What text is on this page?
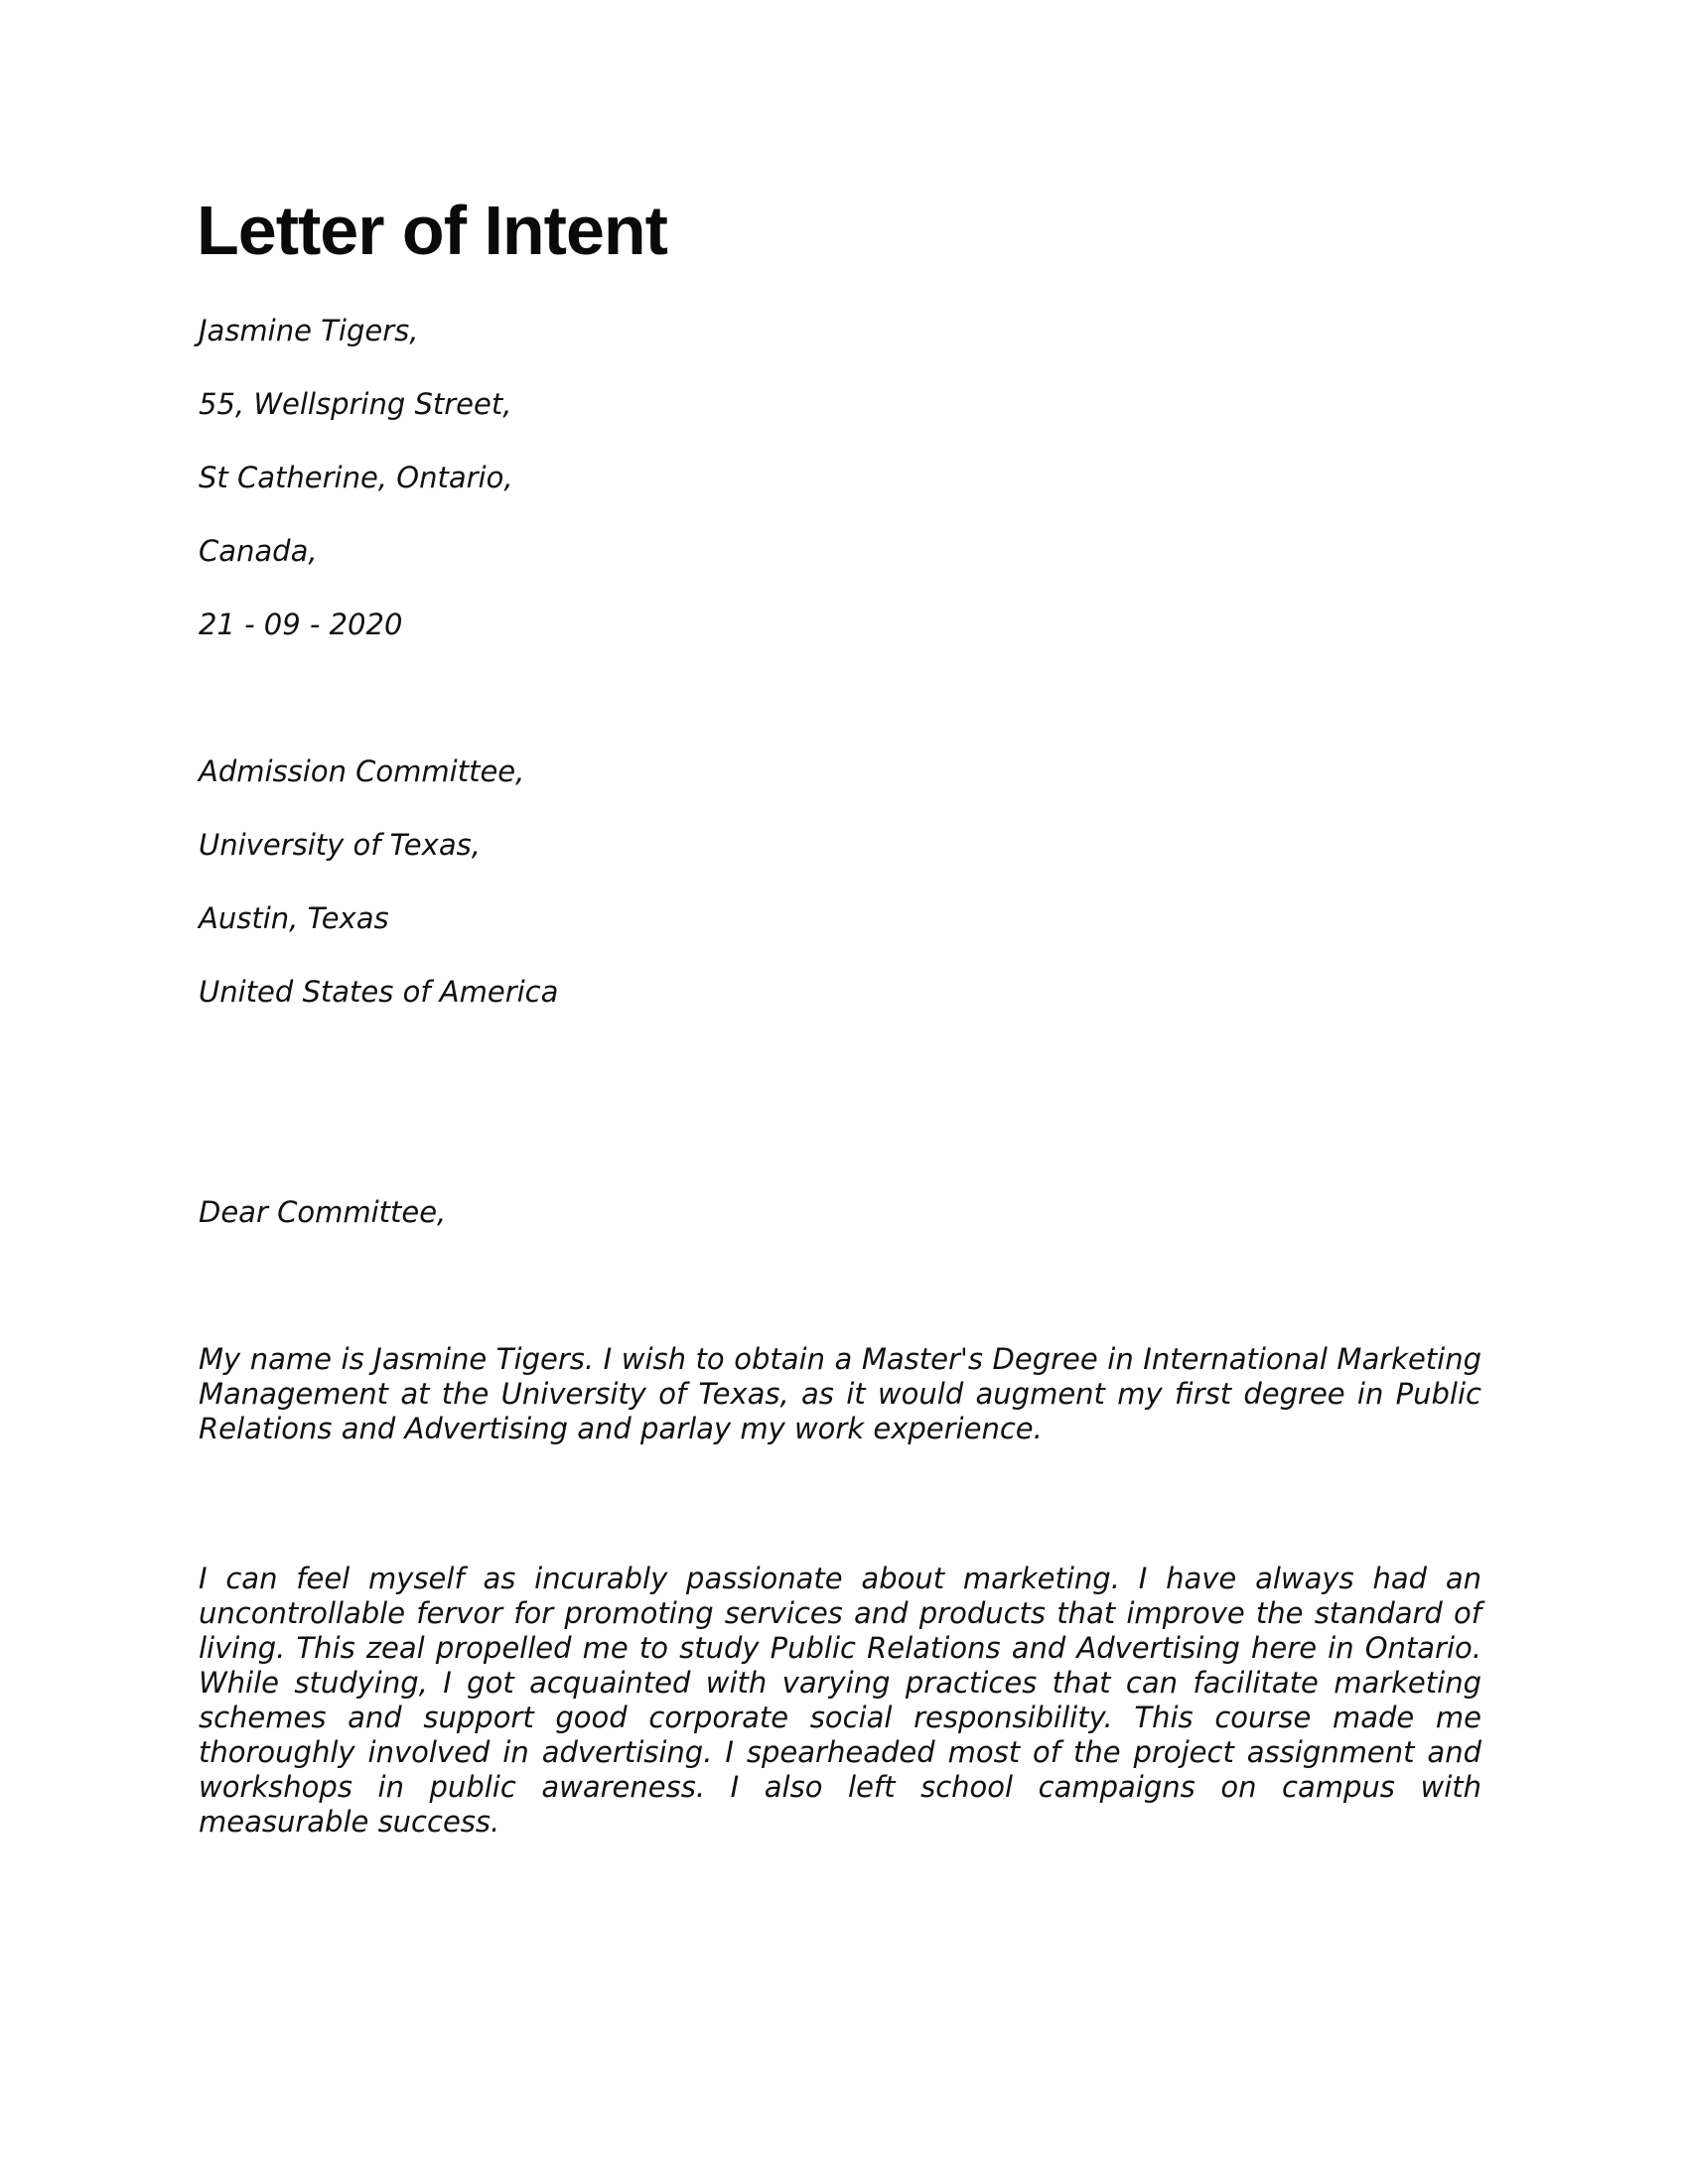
Letter of Intent

Jasmine Tigers,

55, Wellspring Street,

St Catherine, Ontario,

Canada,

21 - 09 - 2020

Admission Committee,

University of Texas,

Austin, Texas

United States of America

Dear Committee,

My name is Jasmine Tigers. I wish to obtain a Master's Degree in International Marketing Management at the University of Texas, as it would augment my first degree in Public Relations and Advertising and parlay my work experience.

I can feel myself as incurably passionate about marketing. I have always had an uncontrollable fervor for promoting services and products that improve the standard of living. This zeal propelled me to study Public Relations and Advertising here in Ontario. While studying, I got acquainted with varying practices that can facilitate marketing schemes and support good corporate social responsibility. This course made me thoroughly involved in advertising. I spearheaded most of the project assignment and workshops in public awareness. I also left school campaigns on campus with measurable success.
